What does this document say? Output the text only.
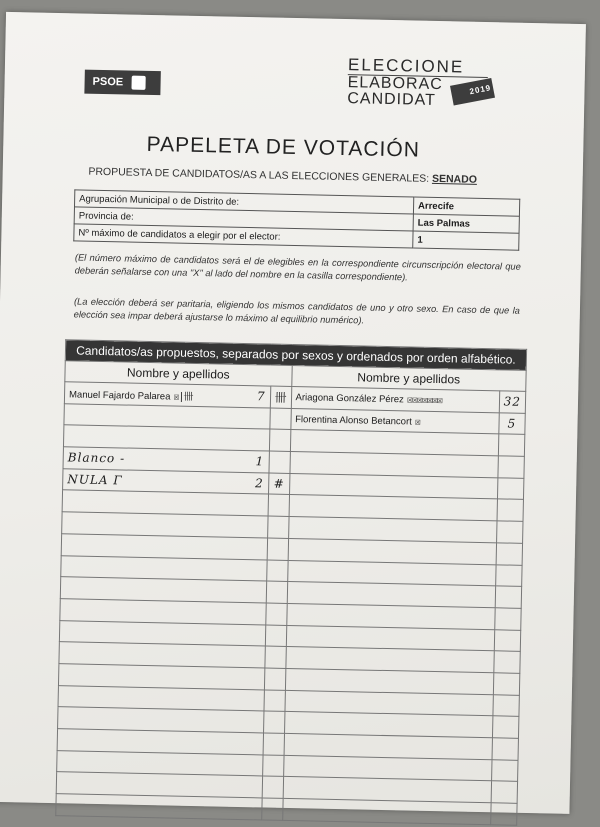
PSOE
ELECCIONE
ELABORAC
CANDIDAT
2019
PAPELETA DE VOTACIÓN
PROPUESTA DE CANDIDATOS/AS A LAS ELECCIONES GENERALES: SENADO
Agrupación Municipal o de Distrito de:	Arrecife
Provincia de:	Las Palmas
Nº máximo de candidatos a elegir por el elector:	1
(El número máximo de candidatos será el de elegibles en la correspondiente circunscripción electoral que deberán señalarse con una "X" al lado del nombre en la casilla correspondiente).
(La elección deberá ser paritaria, eligiendo los mismos candidatos de uno y otro sexo. En caso de que la elección sea impar deberá ajustarse lo máximo al equilibrio numérico).
Candidatos/as propuestos, separados por sexos y ordenados por orden alfabético.			
Nombre y apellidos		Nombre y apellidos	
Manuel Fajardo Palarea ☒|卌 7	卌	Ariagona González Pérez ☒☒☒☒☒☒☒	32
		Florentina Alonso Betancort ☒	5

Blanco - 1			

NULA Γ 2	#		
